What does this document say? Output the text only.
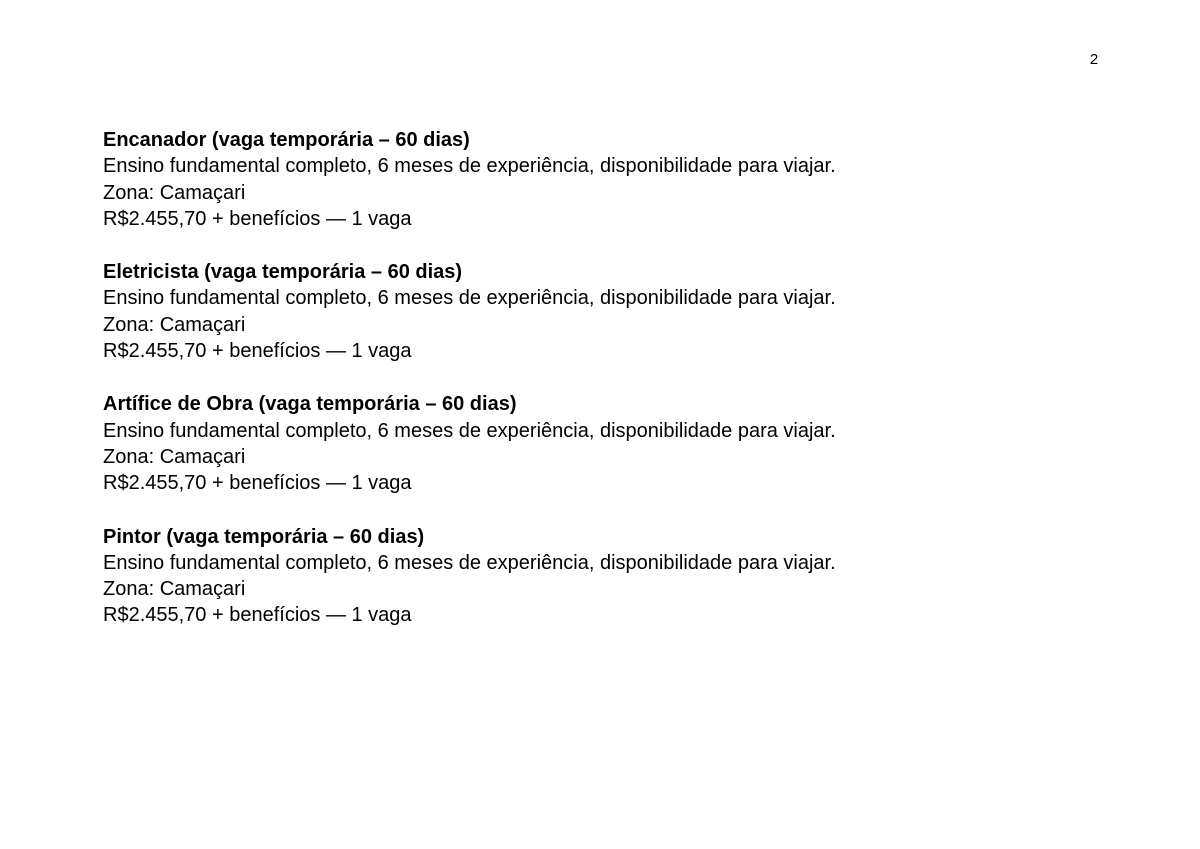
2
Encanador (vaga temporária – 60 dias)
Ensino fundamental completo, 6 meses de experiência, disponibilidade para viajar.
Zona: Camaçari
R$2.455,70 + benefícios — 1 vaga
Eletricista (vaga temporária – 60 dias)
Ensino fundamental completo, 6 meses de experiência, disponibilidade para viajar.
Zona: Camaçari
R$2.455,70 + benefícios — 1 vaga
Artífice de Obra (vaga temporária – 60 dias)
Ensino fundamental completo, 6 meses de experiência, disponibilidade para viajar.
Zona: Camaçari
R$2.455,70 + benefícios — 1 vaga
Pintor (vaga temporária – 60 dias)
Ensino fundamental completo, 6 meses de experiência, disponibilidade para viajar.
Zona: Camaçari
R$2.455,70 + benefícios — 1 vaga
